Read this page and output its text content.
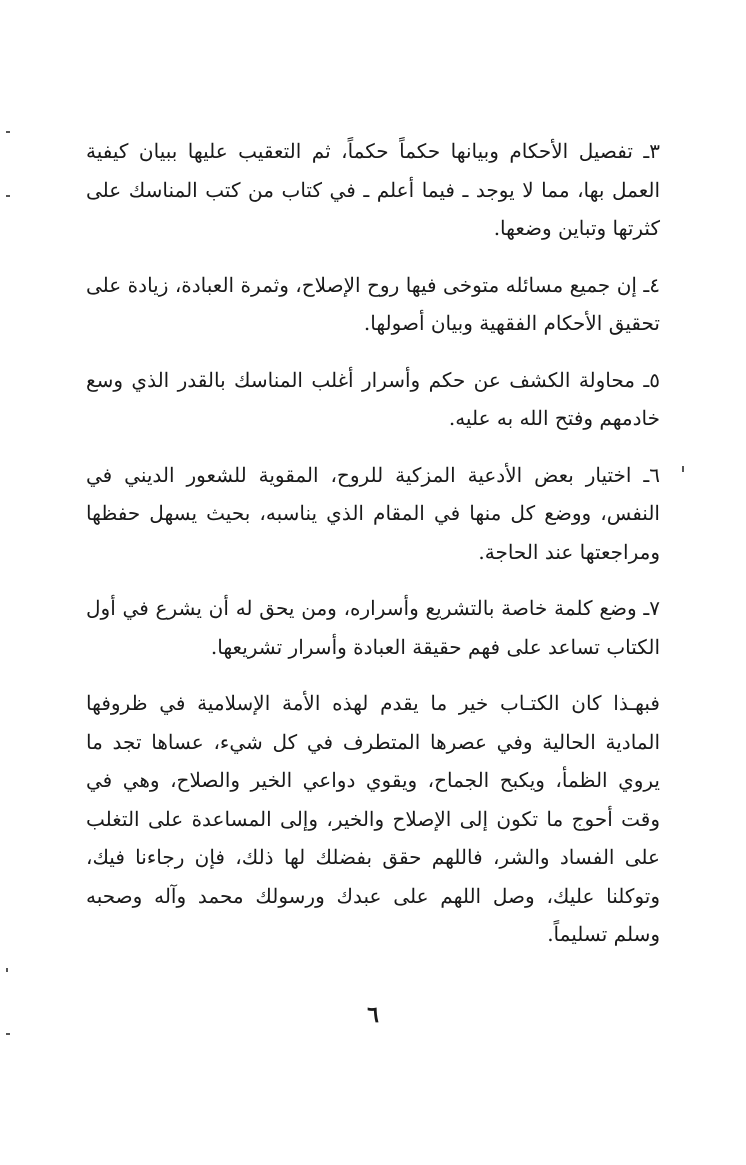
٣ـ تفصيل الأحكام وبيانها حكماً حكماً، ثم التعقيب عليها ببيان كيفية العمل بها، مما لا يوجد ـ فيما أعلم ـ في كتاب من كتب المناسك على كثرتها وتباين وضعها.

٤ـ إن جميع مسائله متوخى فيها روح الإصلاح، وثمرة العبادة، زيادة على تحقيق الأحكام الفقهية وبيان أصولها.

٥ـ محاولة الكشف عن حكم وأسرار أغلب المناسك بالقدر الذي وسع خادمهم وفتح الله به عليه.

٦ـ اختيار بعض الأدعية المزكية للروح، المقوية للشعور الديني في النفس، ووضع كل منها في المقام الذي يناسبه، بحيث يسهل حفظها ومراجعتها عند الحاجة.

٧ـ وضع كلمة خاصة بالتشريع وأسراره، ومن يحق له أن يشرع في أول الكتاب تساعد على فهم حقيقة العبادة وأسرار تشريعها.

فبهـذا كان الكتـاب خير ما يقدم لهذه الأمة الإسلامية في ظروفها المادية الحالية وفي عصرها المتطرف في كل شيء، عساها تجد ما يروي الظمأ، ويكبح الجماح، ويقوي دواعي الخير والصلاح، وهي في وقت أحوج ما تكون إلى الإصلاح والخير، وإلى المساعدة على التغلب على الفساد والشر، فاللهم حقق بفضلك لها ذلك، فإن رجاءنا فيك، وتوكلنا عليك، وصل اللهم على عبدك ورسولك محمد وآله وصحبه وسلم تسليماً.

٦
